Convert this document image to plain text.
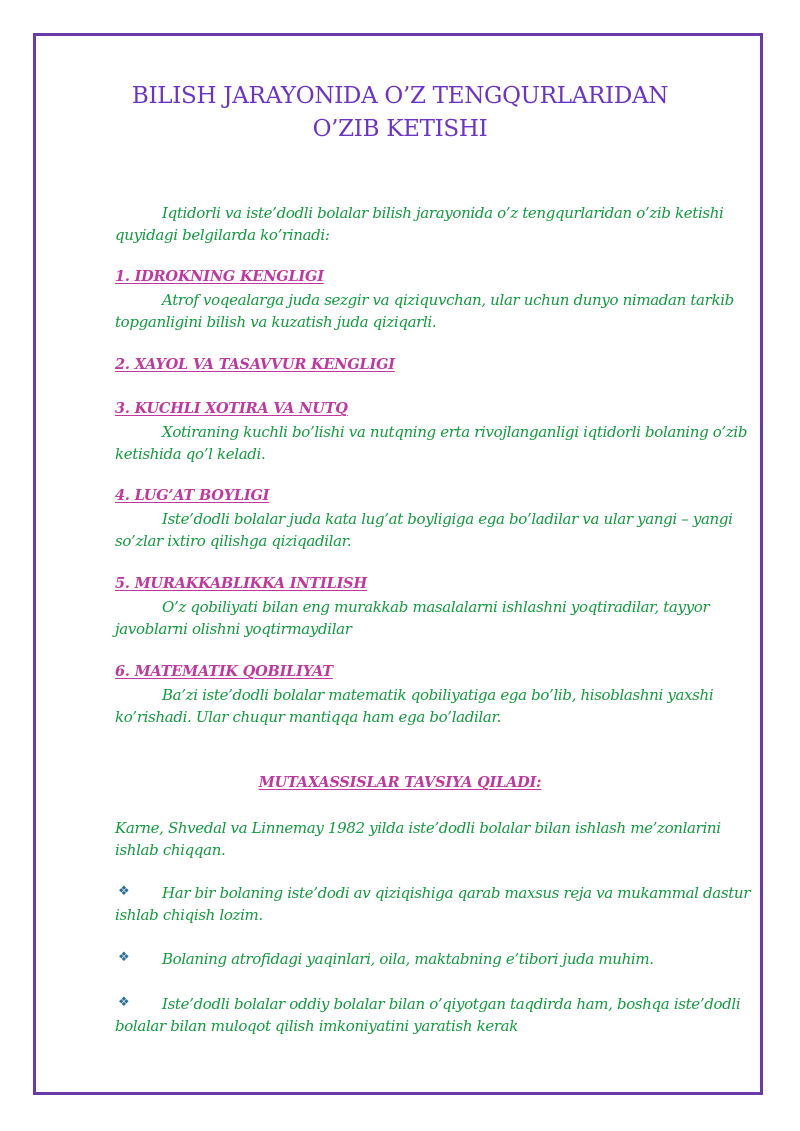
BILISH JARAYONIDA O’Z TENGQURLARIDAN
O’ZIB KETISHI
Iqtidorli va iste’dodli bolalar bilish jarayonida o’z tengqurlaridan o’zib ketishi quyidagi belgilarda ko’rinadi:
1. IDROKNING KENGLIGI
Atrof voqealarga juda sezgir va qiziquvchan, ular uchun dunyo nimadan tarkib topganligini bilish va kuzatish juda qiziqarli.
2. XAYOL VA TASAVVUR KENGLIGI
3. KUCHLI XOTIRA VA NUTQ
Xotiraning kuchli bo’lishi va nutqning erta rivojlanganligi iqtidorli bolaning o’zib ketishida qo’l keladi.
4. LUG’AT BOYLIGI
Iste’dodli bolalar juda kata lug’at boyligiga ega bo’ladilar va ular yangi – yangi so’zlar ixtiro qilishga qiziqadilar.
5. MURAKKABLIKKA INTILISH
O’z qobiliyati bilan eng murakkab masalalarni ishlashni yoqtiradilar, tayyor javoblarni olishni yoqtirmaydilar
6. MATEMATIK QOBILIYAT
Ba’zi iste’dodli bolalar matematik qobiliyatiga ega bo’lib, hisoblashni yaxshi ko’rishadi. Ular chuqur mantiqqa ham ega bo’ladilar.
MUTAXASSISLAR TAVSIYA QILADI:
Karne, Shvedal va Linnemay 1982 yilda iste’dodli bolalar bilan ishlash me’zonlarini ishlab chiqqan.
❖	Har bir bolaning iste’dodi av qiziqishiga qarab maxsus reja va mukammal dastur ishlab chiqish lozim.
❖	Bolaning atrofidagi yaqinlari, oila, maktabning e’tibori juda muhim.
❖	Iste’dodli bolalar oddiy bolalar bilan o’qiyotgan taqdirda ham, boshqa iste’dodli bolalar bilan muloqot qilish imkoniyatini yaratish kerak
